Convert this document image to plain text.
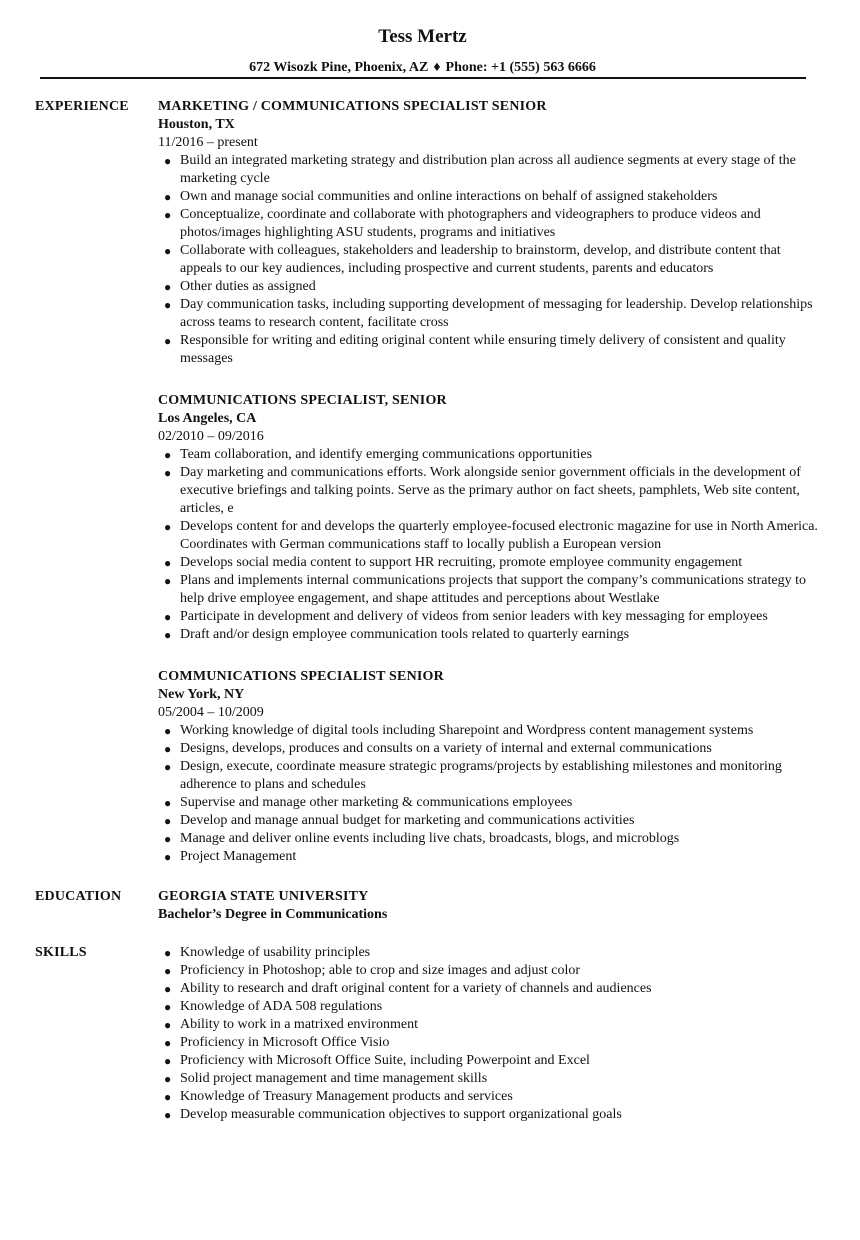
Tess Mertz
672 Wisozk Pine, Phoenix, AZ ♦ Phone: +1 (555) 563 6666
EXPERIENCE	MARKETING / COMMUNICATIONS SPECIALIST SENIOR
Houston, TX
11/2016 – present
● Build an integrated marketing strategy and distribution plan across all audience segments at every stage of the marketing cycle
● Own and manage social communities and online interactions on behalf of assigned stakeholders
● Conceptualize, coordinate and collaborate with photographers and videographers to produce videos and photos/images highlighting ASU students, programs and initiatives
● Collaborate with colleagues, stakeholders and leadership to brainstorm, develop, and distribute content that appeals to our key audiences, including prospective and current students, parents and educators
● Other duties as assigned
● Day communication tasks, including supporting development of messaging for leadership. Develop relationships across teams to research content, facilitate cross
● Responsible for writing and editing original content while ensuring timely delivery of consistent and quality messages
COMMUNICATIONS SPECIALIST, SENIOR
Los Angeles, CA
02/2010 – 09/2016
● Team collaboration, and identify emerging communications opportunities
● Day marketing and communications efforts. Work alongside senior government officials in the development of executive briefings and talking points. Serve as the primary author on fact sheets, pamphlets, Web site content, articles, e
● Develops content for and develops the quarterly employee-focused electronic magazine for use in North America. Coordinates with German communications staff to locally publish a European version
● Develops social media content to support HR recruiting, promote employee community engagement
● Plans and implements internal communications projects that support the company’s communications strategy to help drive employee engagement, and shape attitudes and perceptions about Westlake
● Participate in development and delivery of videos from senior leaders with key messaging for employees
● Draft and/or design employee communication tools related to quarterly earnings
COMMUNICATIONS SPECIALIST SENIOR
New York, NY
05/2004 – 10/2009
● Working knowledge of digital tools including Sharepoint and Wordpress content management systems
● Designs, develops, produces and consults on a variety of internal and external communications
● Design, execute, coordinate measure strategic programs/projects by establishing milestones and monitoring adherence to plans and schedules
● Supervise and manage other marketing & communications employees
● Develop and manage annual budget for marketing and communications activities
● Manage and deliver online events including live chats, broadcasts, blogs, and microblogs
● Project Management
EDUCATION	GEORGIA STATE UNIVERSITY
Bachelor’s Degree in Communications
SKILLS	● Knowledge of usability principles
● Proficiency in Photoshop; able to crop and size images and adjust color
● Ability to research and draft original content for a variety of channels and audiences
● Knowledge of ADA 508 regulations
● Ability to work in a matrixed environment
● Proficiency in Microsoft Office Visio
● Proficiency with Microsoft Office Suite, including Powerpoint and Excel
● Solid project management and time management skills
● Knowledge of Treasury Management products and services
● Develop measurable communication objectives to support organizational goals
